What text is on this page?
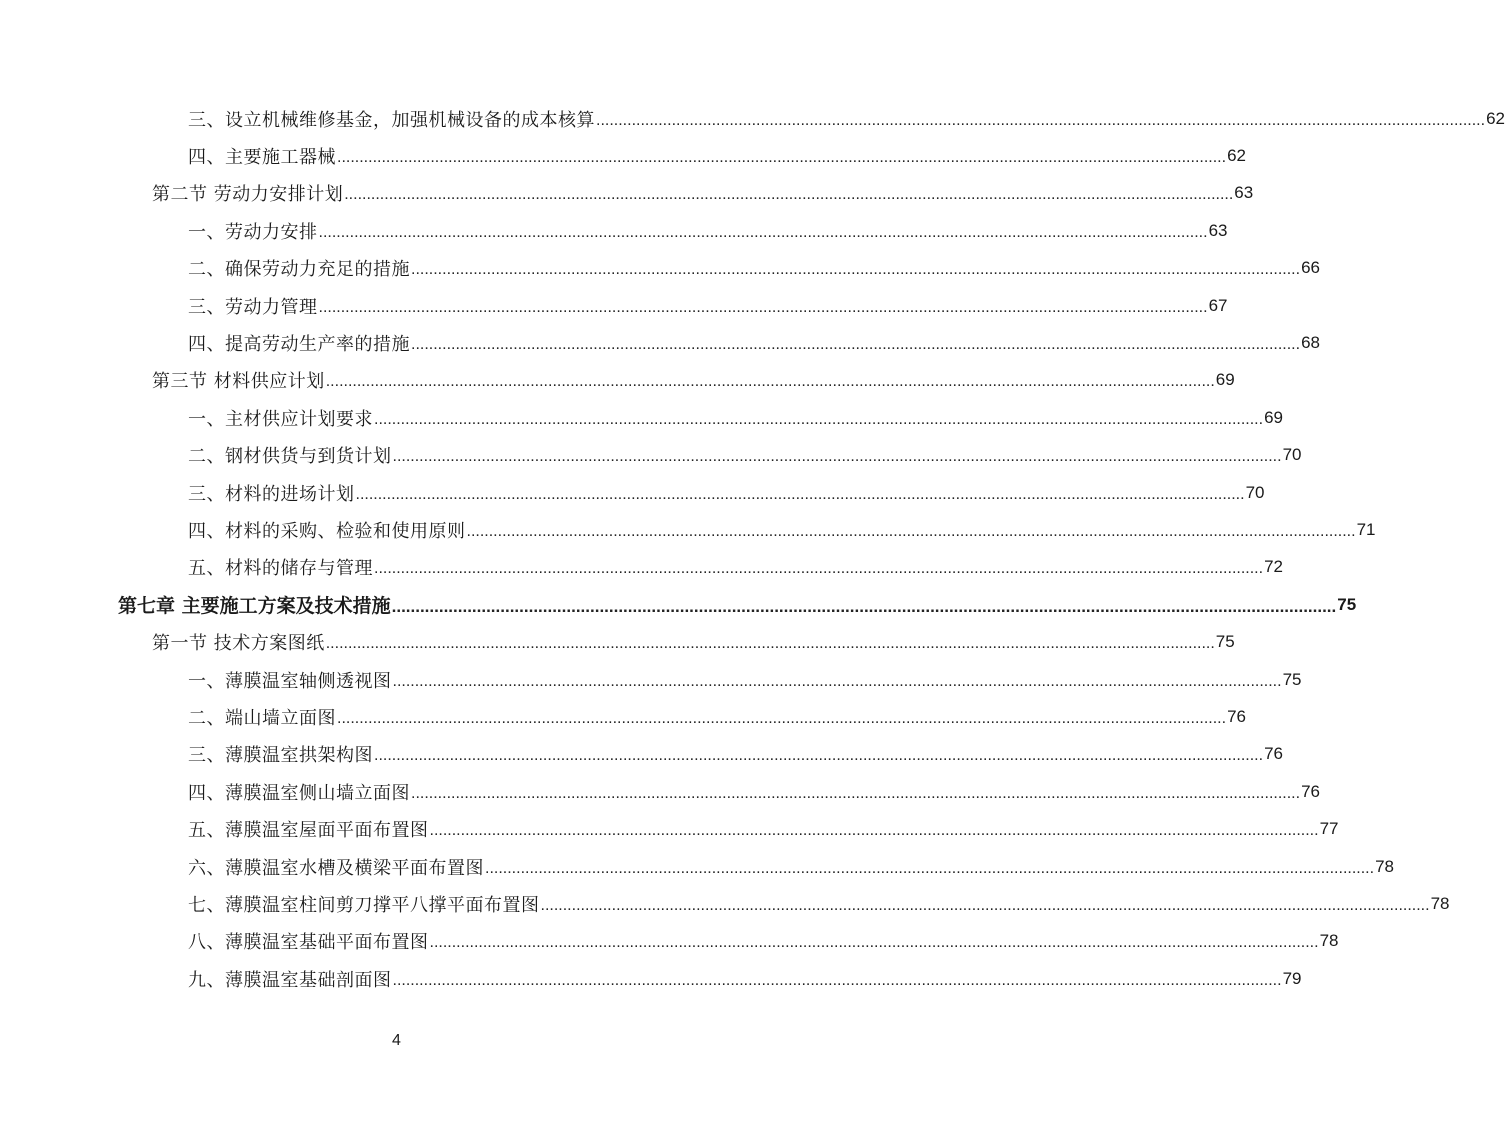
三、设立机械维修基金，加强机械设备的成本核算 ........................................................................................................................................................................................................ 62
四、主要施工器械 ........................................................................................................................................................................................................ 62
第二节 劳动力安排计划 ........................................................................................................................................................................................................ 63
一、劳动力安排 ........................................................................................................................................................................................................ 63
二、确保劳动力充足的措施 ........................................................................................................................................................................................................ 66
三、劳动力管理 ........................................................................................................................................................................................................ 67
四、提高劳动生产率的措施 ........................................................................................................................................................................................................ 68
第三节 材料供应计划 ........................................................................................................................................................................................................ 69
一、主材供应计划要求 ........................................................................................................................................................................................................ 69
二、钢材供货与到货计划 ........................................................................................................................................................................................................ 70
三、材料的进场计划 ........................................................................................................................................................................................................ 70
四、材料的采购、检验和使用原则 ........................................................................................................................................................................................................ 71
五、材料的储存与管理 ........................................................................................................................................................................................................ 72
第七章 主要施工方案及技术措施 ........................................................................................................................................................................................................ 75
第一节 技术方案图纸 ........................................................................................................................................................................................................ 75
一、薄膜温室轴侧透视图 ........................................................................................................................................................................................................ 75
二、端山墙立面图 ........................................................................................................................................................................................................ 76
三、薄膜温室拱架构图 ........................................................................................................................................................................................................ 76
四、薄膜温室侧山墙立面图 ........................................................................................................................................................................................................ 76
五、薄膜温室屋面平面布置图 ........................................................................................................................................................................................................ 77
六、薄膜温室水槽及横梁平面布置图 ........................................................................................................................................................................................................ 78
七、薄膜温室柱间剪刀撑平八撑平面布置图 ........................................................................................................................................................................................................ 78
八、薄膜温室基础平面布置图 ........................................................................................................................................................................................................ 78
九、薄膜温室基础剖面图 ........................................................................................................................................................................................................ 79
4
